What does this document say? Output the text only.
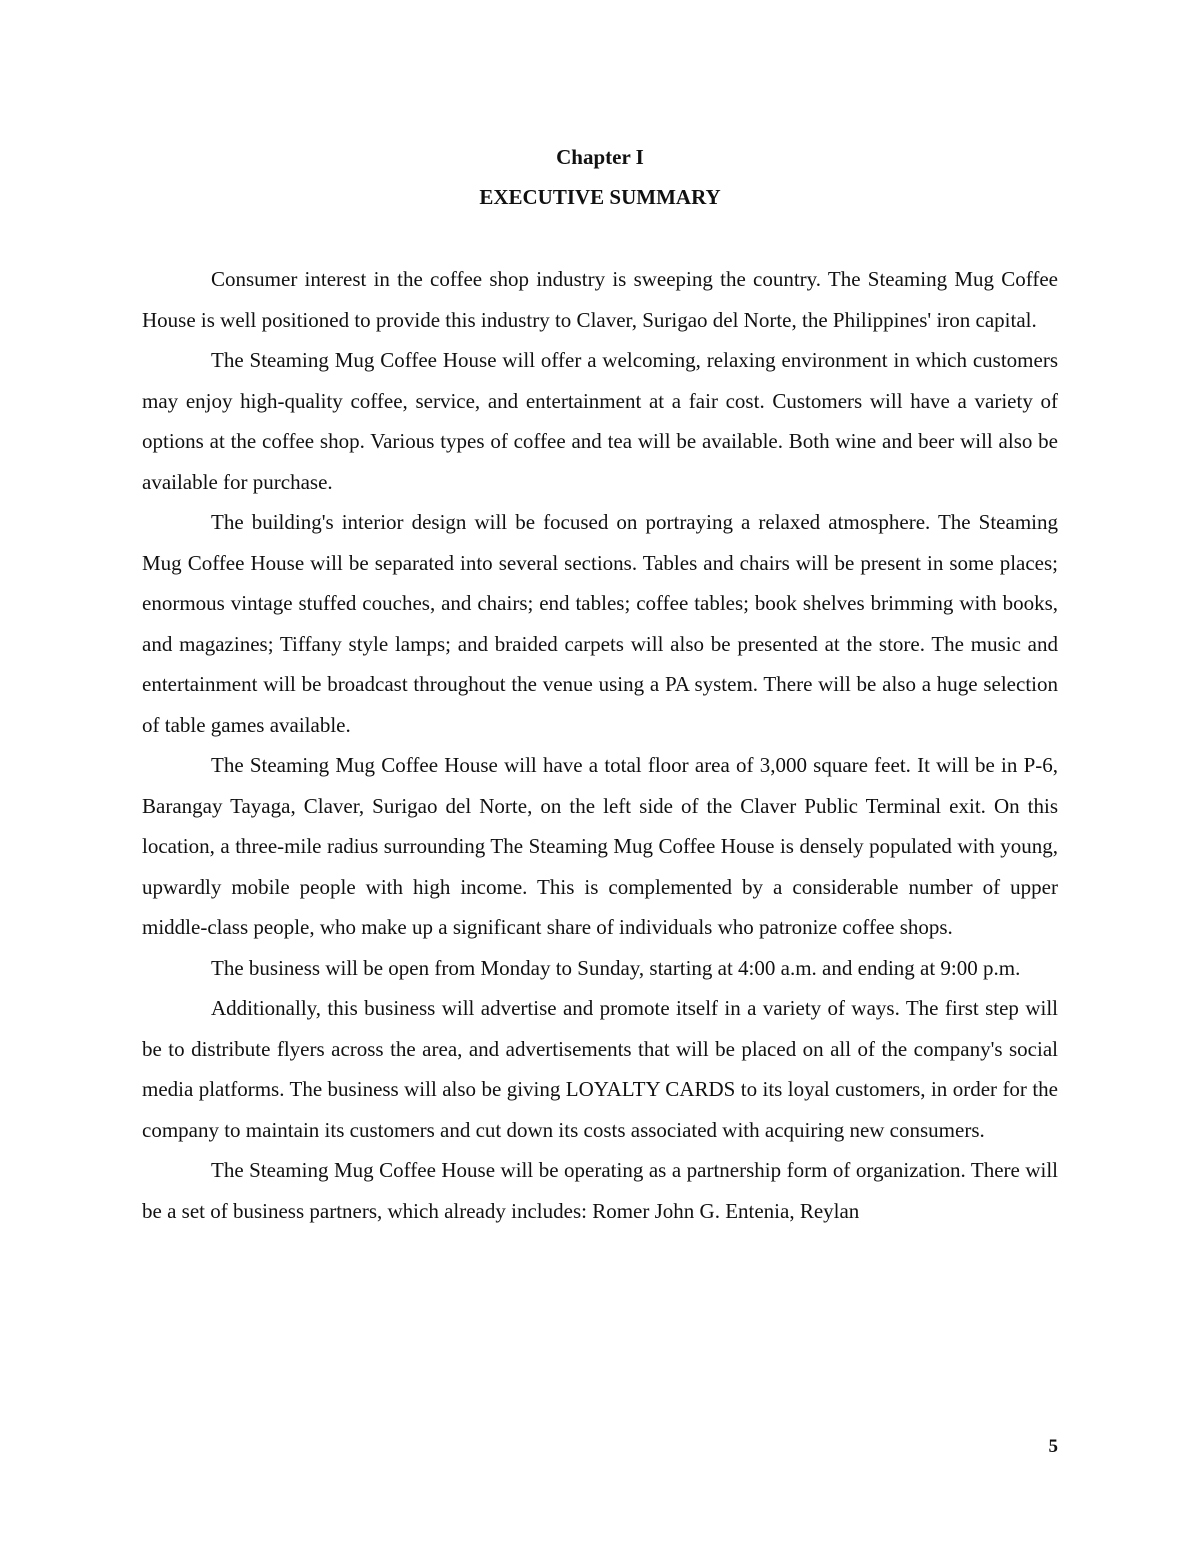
Chapter I
EXECUTIVE SUMMARY

Consumer interest in the coffee shop industry is sweeping the country. The Steaming Mug Coffee House is well positioned to provide this industry to Claver, Surigao del Norte, the Philippines' iron capital.

The Steaming Mug Coffee House will offer a welcoming, relaxing environment in which customers may enjoy high-quality coffee, service, and entertainment at a fair cost. Customers will have a variety of options at the coffee shop. Various types of coffee and tea will be available. Both wine and beer will also be available for purchase.

The building's interior design will be focused on portraying a relaxed atmosphere. The Steaming Mug Coffee House will be separated into several sections. Tables and chairs will be present in some places; enormous vintage stuffed couches, and chairs; end tables; coffee tables; book shelves brimming with books, and magazines; Tiffany style lamps; and braided carpets will also be presented at the store. The music and entertainment will be broadcast throughout the venue using a PA system. There will be also a huge selection of table games available.

The Steaming Mug Coffee House will have a total floor area of 3,000 square feet. It will be in P-6, Barangay Tayaga, Claver, Surigao del Norte, on the left side of the Claver Public Terminal exit. On this location, a three-mile radius surrounding The Steaming Mug Coffee House is densely populated with young, upwardly mobile people with high income. This is complemented by a considerable number of upper middle-class people, who make up a significant share of individuals who patronize coffee shops.

The business will be open from Monday to Sunday, starting at 4:00 a.m. and ending at 9:00 p.m.

Additionally, this business will advertise and promote itself in a variety of ways. The first step will be to distribute flyers across the area, and advertisements that will be placed on all of the company's social media platforms. The business will also be giving LOYALTY CARDS to its loyal customers, in order for the company to maintain its customers and cut down its costs associated with acquiring new consumers.

The Steaming Mug Coffee House will be operating as a partnership form of organization. There will be a set of business partners, which already includes: Romer John G. Entenia, Reylan

5
